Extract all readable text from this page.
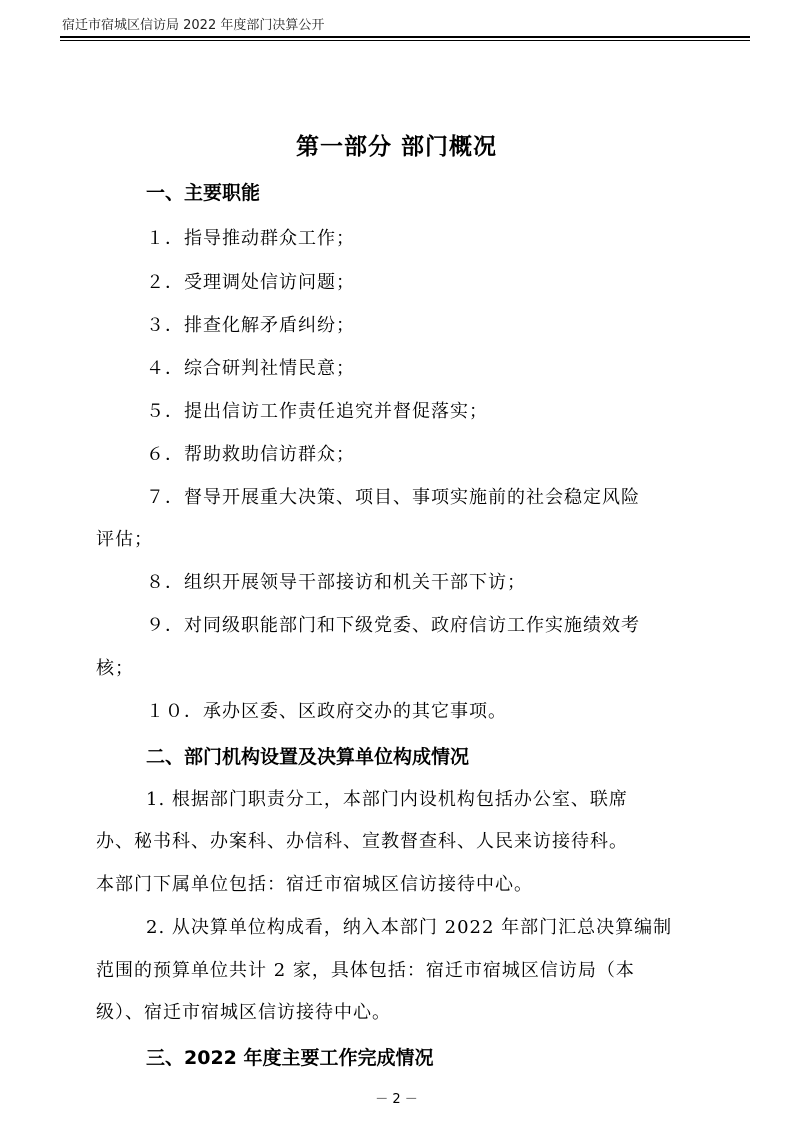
宿迁市宿城区信访局 2022 年度部门决算公开
第一部分 部门概况
一、主要职能
１．指导推动群众工作；
２．受理调处信访问题；
３．排查化解矛盾纠纷；
４．综合研判社情民意；
５．提出信访工作责任追究并督促落实；
６．帮助救助信访群众；
７．督导开展重大决策、项目、事项实施前的社会稳定风险
评估；
８．组织开展领导干部接访和机关干部下访；
９．对同级职能部门和下级党委、政府信访工作实施绩效考
核；
１０．承办区委、区政府交办的其它事项。
二、部门机构设置及决算单位构成情况
1. 根据部门职责分工，本部门内设机构包括办公室、联席
办、秘书科、办案科、办信科、宣教督查科、人民来访接待科。
本部门下属单位包括：宿迁市宿城区信访接待中心。
2. 从决算单位构成看，纳入本部门 2022 年部门汇总决算编制
范围的预算单位共计 2 家，具体包括：宿迁市宿城区信访局（本
级）、宿迁市宿城区信访接待中心。
三、2022 年度主要工作完成情况
－ 2 －
